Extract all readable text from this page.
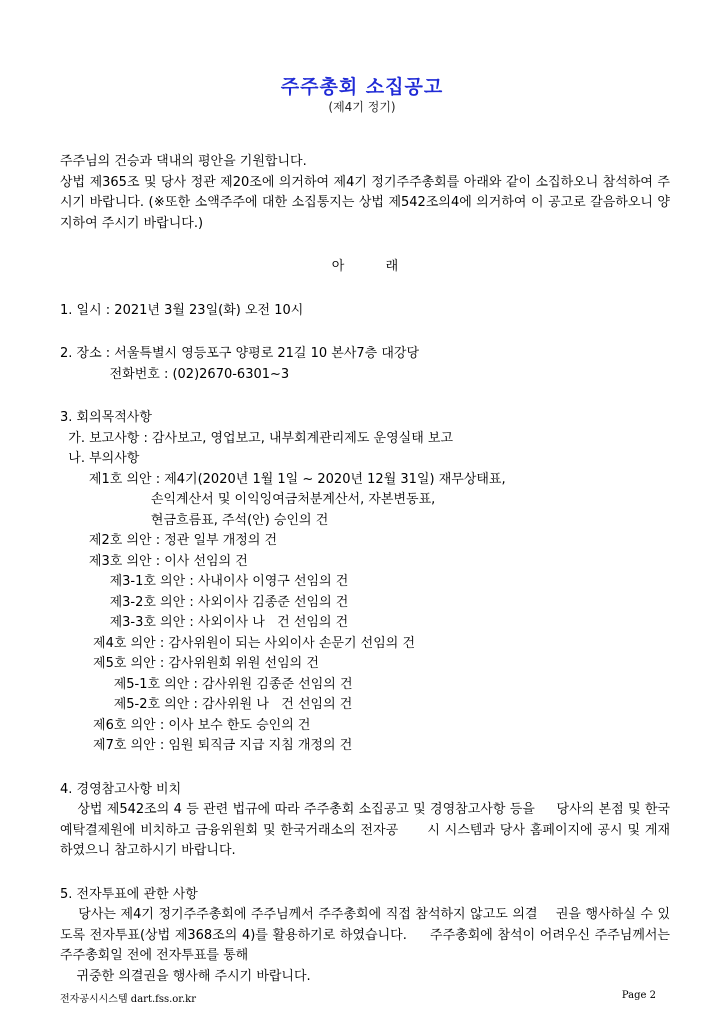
주주총회 소집공고
(제4기 정기)
주주님의 건승과 댁내의 평안을 기원합니다.
상법 제365조 및 당사 정관 제20조에 의거하여 제4기 정기주주총회를 아래와 같이 소집하오니 참석하여 주시기 바랍니다. (※또한 소액주주에 대한 소집통지는 상법 제542조의4에 의거하여 이 공고로 갈음하오니 양지하여 주시기 바랍니다.)
아          래
1. 일시 : 2021년 3월 23일(화) 오전 10시
2. 장소 : 서울특별시 영등포구 양평로 21길 10 본사7층 대강당
전화번호 : (02)2670-6301~3
3. 회의목적사항
가. 보고사항 : 감사보고, 영업보고, 내부회계관리제도 운영실태 보고
나. 부의사항
제1호 의안 : 제4기(2020년 1월 1일 ~ 2020년 12월 31일) 재무상태표,
손익계산서 및 이익잉여금처분계산서, 자본변동표,
현금흐름표, 주석(안) 승인의 건
제2호 의안 : 정관 일부 개정의 건
제3호 의안 : 이사 선임의 건
제3-1호 의안 : 사내이사 이영구 선임의 건
제3-2호 의안 : 사외이사 김종준 선임의 건
제3-3호 의안 : 사외이사 나   건 선임의 건
제4호 의안 : 감사위원이 되는 사외이사 손문기 선임의 건
제5호 의안 : 감사위원회 위원 선임의 건
제5-1호 의안 : 감사위원 김종준 선임의 건
제5-2호 의안 : 감사위원 나   건 선임의 건
제6호 의안 : 이사 보수 한도 승인의 건
제7호 의안 : 임원 퇴직금 지급 지침 개정의 건
4. 경영참고사항 비치
상법 제542조의 4 등 관련 법규에 따라 주주총회 소집공고 및 경영참고사항 등을     당사의 본점 및 한국예탁결제원에 비치하고 금융위원회 및 한국거래소의 전자공      시 시스템과 당사 홈페이지에 공시 및 게재하였으니 참고하시기 바랍니다.
5. 전자투표에 관한 사항
당사는 제4기 정기주주총회에 주주님께서 주주총회에 직접 참석하지 않고도 의결    권을 행사하실 수 있도록 전자투표(상법 제368조의 4)를 활용하기로 하였습니다.     주주총회에 참석이 어려우신 주주님께서는 주주총회일 전에 전자투표를 통해
귀중한 의결권을 행사해 주시기 바랍니다.
전자공시시스템 dart.fss.or.kr	Page 2
